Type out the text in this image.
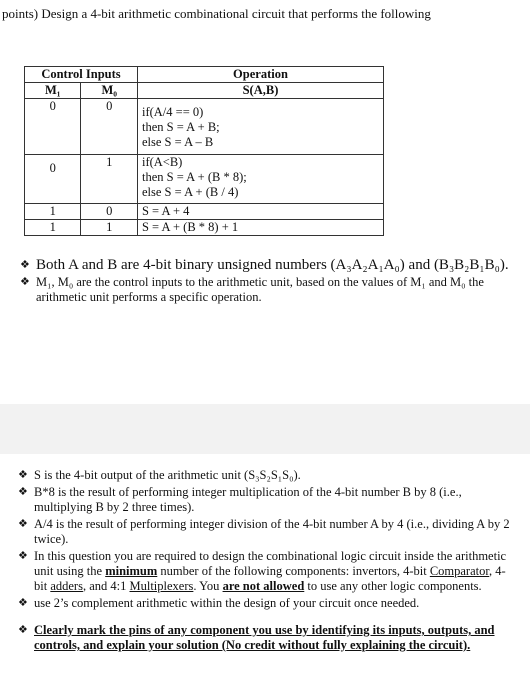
points) Design a 4-bit arithmetic combinational circuit that performs the following
Control Inputs		Operation
M₁	M₀	S(A,B)
0	0	if(A/4 == 0)
then S = A + B;
else S = A – B

0	1	if(A<B)
then S = A + (B * 8);
else S = A + (B / 4)

1	0	S = A + 4
1	1	S = A + (B * 8) + 1
❖ Both A and B are 4-bit binary unsigned numbers (A₃A₂A₁A₀) and (B₃B₂B₁B₀).
❖ M₁, M₀ are the control inputs to the arithmetic unit, based on the values of M₁ and M₀ the arithmetic unit performs a specific operation.
❖ S is the 4-bit output of the arithmetic unit (S₃S₂S₁S₀).
❖ B*8 is the result of performing integer multiplication of the 4-bit number B by 8 (i.e., multiplying B by 2 three times).
❖ A/4 is the result of performing integer division of the 4-bit number A by 4 (i.e., dividing A by 2 twice).
❖ In this question you are required to design the combinational logic circuit inside the arithmetic unit using the minimum number of the following components: invertors, 4-bit Comparator, 4-bit adders, and 4:1 Multiplexers. You are not allowed to use any other logic components.
❖ use 2’s complement arithmetic within the design of your circuit once needed.
❖ Clearly mark the pins of any component you use by identifying its inputs, outputs, and controls, and explain your solution (No credit without fully explaining the circuit).
